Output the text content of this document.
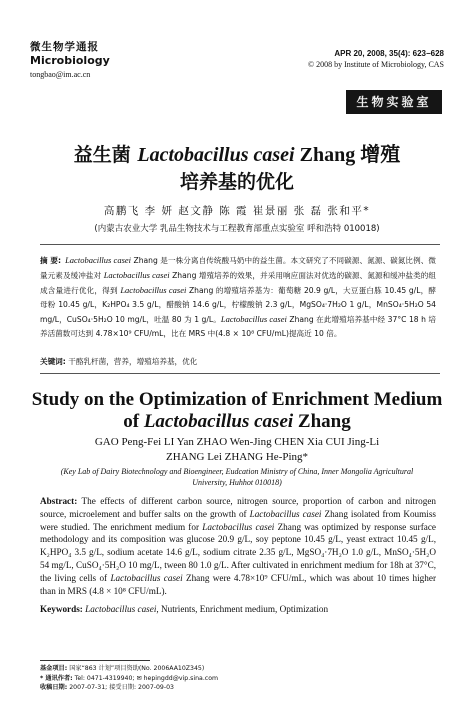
微生物学通报
Microbiology
tongbao@im.ac.cn
APR 20, 2008, 35(4): 623−628
© 2008 by Institute of Microbiology, CAS
生物实验室
益生菌 Lactobacillus casei Zhang 增殖
培养基的优化
高鹏飞 李 妍 赵文静 陈 霞 崔景丽 张 磊 张和平*
(内蒙古农业大学 乳品生物技术与工程教育部重点实验室 呼和浩特 010018)
摘 要: Lactobacillus casei Zhang 是一株分离自传统酸马奶中的益生菌。本文研究了不同碳源、氮源、碳氮比例、微量元素及缓冲盐对 Lactobacillus casei Zhang 增殖培养的效果，并采用响应面法对优选的碳源、氮源和缓冲盐类的组成含量进行优化，得到 Lactobacillus casei Zhang 的增殖培养基为：葡萄糖 20.9 g/L，大豆蛋白胨 10.45 g/L，酵母粉 10.45 g/L，K₂HPO₄ 3.5 g/L，醋酸钠 14.6 g/L，柠檬酸钠 2.3 g/L，MgSO₄·7H₂O 1 g/L，MnSO₄·5H₂O 54 mg/L，CuSO₄·5H₂O 10 mg/L，吐温 80 为 1 g/L。Lactobacillus casei Zhang 在此增殖培养基中经 37°C 18 h 培养活菌数可达到 4.78×10⁹ CFU/mL，比在 MRS 中(4.8 × 10⁸ CFU/mL)提高近 10 倍。
关键词: 干酪乳杆菌，营养，增殖培养基，优化
Study on the Optimization of Enrichment Medium
of Lactobacillus casei Zhang
GAO Peng-Fei LI Yan ZHAO Wen-Jing CHEN Xia CUI Jing-Li
ZHANG Lei ZHANG He-Ping*
(Key Lab of Dairy Biotechnology and Bioengineer, Eudcation Ministry of China, Inner Mongolia Agricultural University, Huhhot 010018)
Abstract: The effects of different carbon source, nitrogen source, proportion of carbon and nitrogen source, microelement and buffer salts on the growth of Lactobacillus casei Zhang isolated from Koumiss were studied. The enrichment medium for Lactobacillus casei Zhang was optimized by response surface methodology and its composition was glucose 20.9 g/L, soy peptone 10.45 g/L, yeast extract 10.45 g/L, K₂HPO₄ 3.5 g/L, sodium acetate 14.6 g/L, sodium citrate 2.35 g/L, MgSO₄·7H₂O 1.0 g/L, MnSO₄·5H₂O 54 mg/L, CuSO₄·5H₂O 10 mg/L, tween 80 1.0 g/L. After cultivated in enrichment medium for 18h at 37°C, the living cells of Lactobacillus casei Zhang were 4.78×10⁹ CFU/mL, which was about 10 times higher than in MRS (4.8 × 10⁸ CFU/mL).
Keywords: Lactobacillus casei, Nutrients, Enrichment medium, Optimization
基金项目: 国家“863 计划”项目资助(No. 2006AA10Z345)
* 通讯作者: Tel: 0471-4319940; ✉ hepingdd@vip.sina.com
收稿日期: 2007-07-31; 接受日期: 2007-09-03
